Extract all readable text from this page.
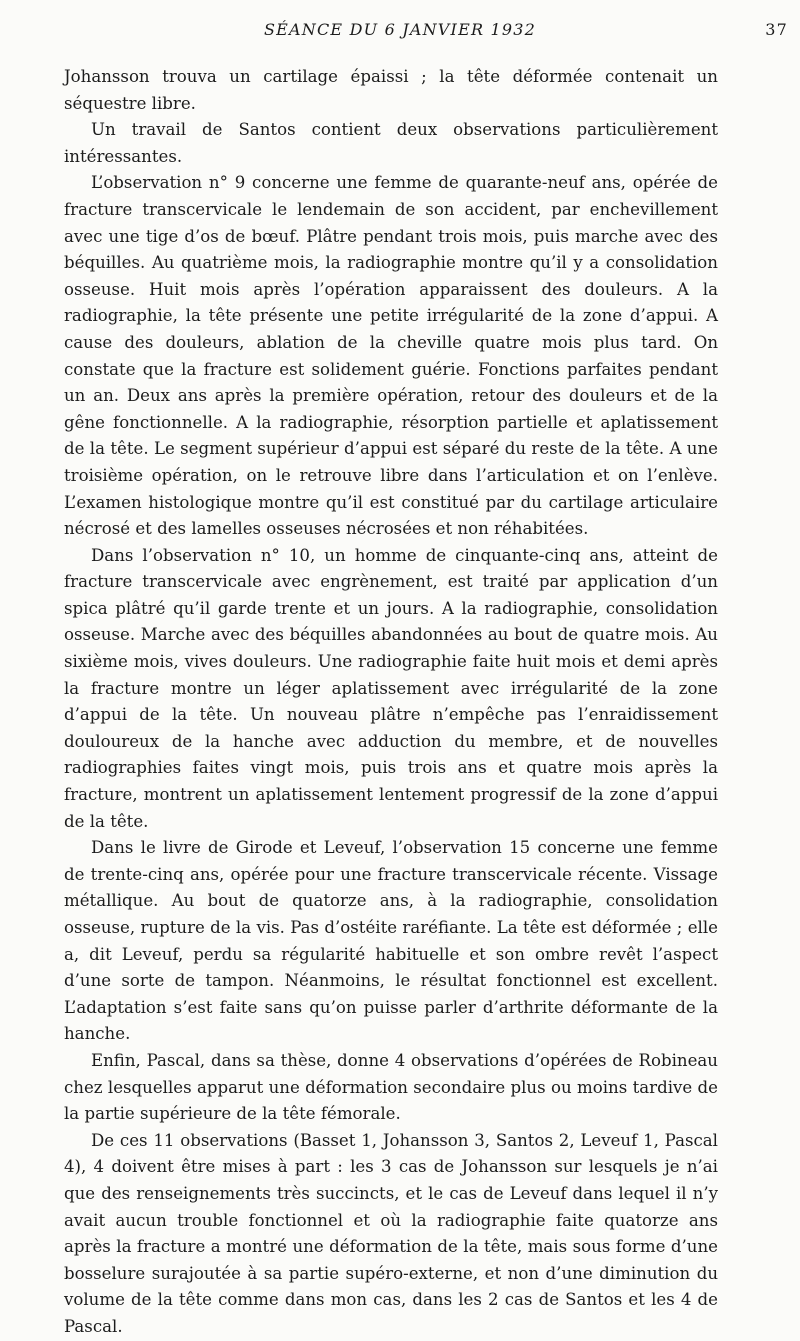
SÉANCE DU 6 JANVIER 1932	37

Johansson trouva un cartilage épaissi ; la tête déformée contenait un séquestre libre.

Un travail de Santos contient deux observations particulièrement intéressantes.

L’observation n° 9 concerne une femme de quarante-neuf ans, opérée de fracture transcervicale le lendemain de son accident, par enchevillement avec une tige d’os de bœuf. Plâtre pendant trois mois, puis marche avec des béquilles. Au quatrième mois, la radiographie montre qu’il y a consolidation osseuse. Huit mois après l’opération apparaissent des douleurs. A la radiographie, la tête présente une petite irrégularité de la zone d’appui. A cause des douleurs, ablation de la cheville quatre mois plus tard. On constate que la fracture est solidement guérie. Fonctions parfaites pendant un an. Deux ans après la première opération, retour des douleurs et de la gêne fonctionnelle. A la radiographie, résorption partielle et aplatissement de la tête. Le segment supérieur d’appui est séparé du reste de la tête. A une troisième opération, on le retrouve libre dans l’articulation et on l’enlève. L’examen histologique montre qu’il est constitué par du cartilage articulaire nécrosé et des lamelles osseuses nécrosées et non réhabitées.

Dans l’observation n° 10, un homme de cinquante-cinq ans, atteint de fracture transcervicale avec engrènement, est traité par application d’un spica plâtré qu’il garde trente et un jours. A la radiographie, consolidation osseuse. Marche avec des béquilles abandonnées au bout de quatre mois. Au sixième mois, vives douleurs. Une radiographie faite huit mois et demi après la fracture montre un léger aplatissement avec irrégularité de la zone d’appui de la tête. Un nouveau plâtre n’empêche pas l’enraidissement douloureux de la hanche avec adduction du membre, et de nouvelles radiographies faites vingt mois, puis trois ans et quatre mois après la fracture, montrent un aplatissement lentement progressif de la zone d’appui de la tête.

Dans le livre de Girode et Leveuf, l’observation 15 concerne une femme de trente-cinq ans, opérée pour une fracture transcervicale récente. Vissage métallique. Au bout de quatorze ans, à la radiographie, consolidation osseuse, rupture de la vis. Pas d’ostéite raréfiante. La tête est déformée ; elle a, dit Leveuf, perdu sa régularité habituelle et son ombre revêt l’aspect d’une sorte de tampon. Néanmoins, le résultat fonctionnel est excellent. L’adaptation s’est faite sans qu’on puisse parler d’arthrite déformante de la hanche.

Enfin, Pascal, dans sa thèse, donne 4 observations d’opérées de Robineau chez lesquelles apparut une déformation secondaire plus ou moins tardive de la partie supérieure de la tête fémorale.

De ces 11 observations (Basset 1, Johansson 3, Santos 2, Leveuf 1, Pascal 4), 4 doivent être mises à part : les 3 cas de Johansson sur lesquels je n’ai que des renseignements très succincts, et le cas de Leveuf dans lequel il n’y avait aucun trouble fonctionnel et où la radiographie faite quatorze ans après la fracture a montré une déformation de la tête, mais sous forme d’une bosselure surajoutée à sa partie supéro-externe, et non d’une diminution du volume de la tête comme dans mon cas, dans les 2 cas de Santos et les 4 de Pascal.
